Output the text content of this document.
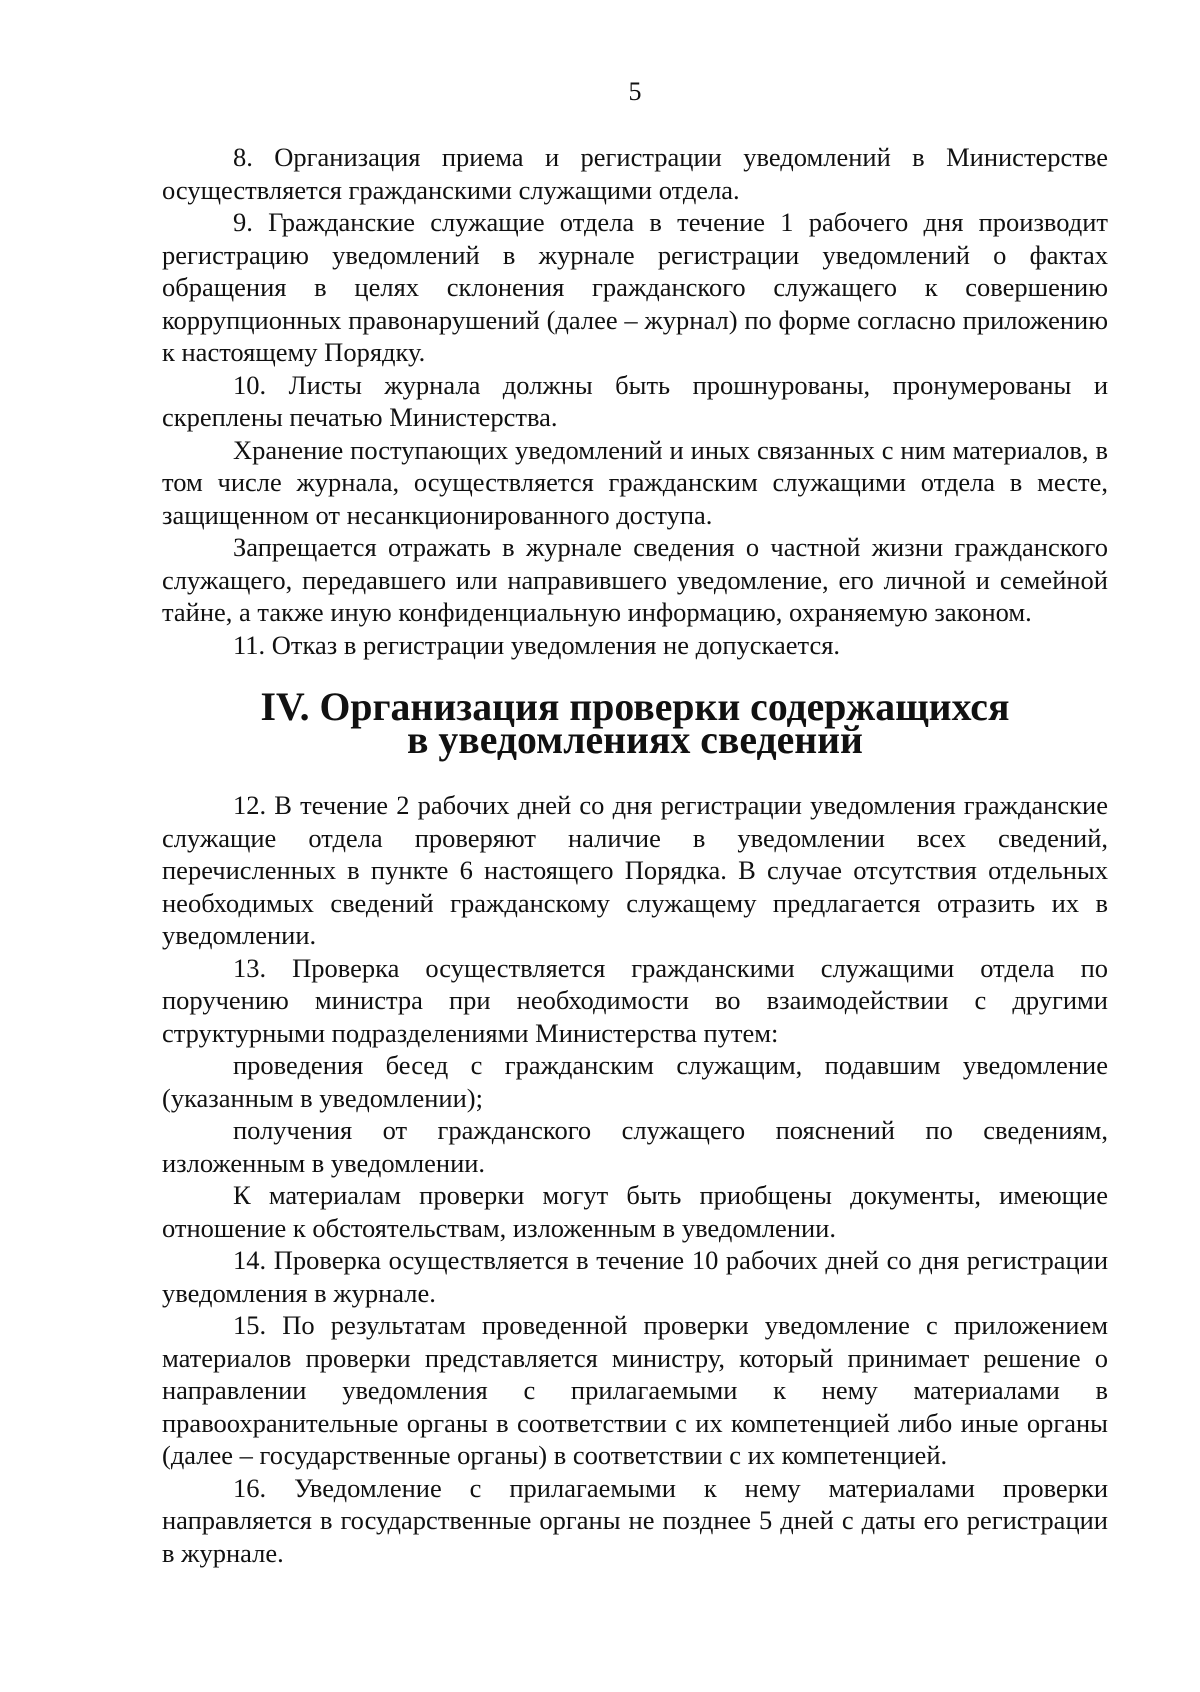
5

8. Организация приема и регистрации уведомлений в Министерстве осуществляется гражданскими служащими отдела.

9. Гражданские служащие отдела в течение 1 рабочего дня производит регистрацию уведомлений в журнале регистрации уведомлений о фактах обращения в целях склонения гражданского служащего к совершению коррупционных правонарушений (далее – журнал) по форме согласно приложению к настоящему Порядку.

10. Листы журнала должны быть прошнурованы, пронумерованы и скреплены печатью Министерства.

Хранение поступающих уведомлений и иных связанных с ним материалов, в том числе журнала, осуществляется гражданским служащими отдела в месте, защищенном от несанкционированного доступа.

Запрещается отражать в журнале сведения о частной жизни гражданского служащего, передавшего или направившего уведомление, его личной и семейной тайне, а также иную конфиденциальную информацию, охраняемую законом.

11. Отказ в регистрации уведомления не допускается.

IV. Организация проверки содержащихся
в уведомлениях сведений

12. В течение 2 рабочих дней со дня регистрации уведомления гражданские служащие отдела проверяют наличие в уведомлении всех сведений, перечисленных в пункте 6 настоящего Порядка. В случае отсутствия отдельных необходимых сведений гражданскому служащему предлагается отразить их в уведомлении.

13. Проверка осуществляется гражданскими служащими отдела по поручению министра при необходимости во взаимодействии с другими структурными подразделениями Министерства путем:

проведения бесед с гражданским служащим, подавшим уведомление (указанным в уведомлении);

получения от гражданского служащего пояснений по сведениям, изложенным в уведомлении.

К материалам проверки могут быть приобщены документы, имеющие отношение к обстоятельствам, изложенным в уведомлении.

14. Проверка осуществляется в течение 10 рабочих дней со дня регистрации уведомления в журнале.

15. По результатам проведенной проверки уведомление с приложением материалов проверки представляется министру, который принимает решение о направлении уведомления с прилагаемыми к нему материалами в правоохранительные органы в соответствии с их компетенцией либо иные органы (далее – государственные органы) в соответствии с их компетенцией.

16. Уведомление с прилагаемыми к нему материалами проверки направляется в государственные органы не позднее 5 дней с даты его регистрации в журнале.
